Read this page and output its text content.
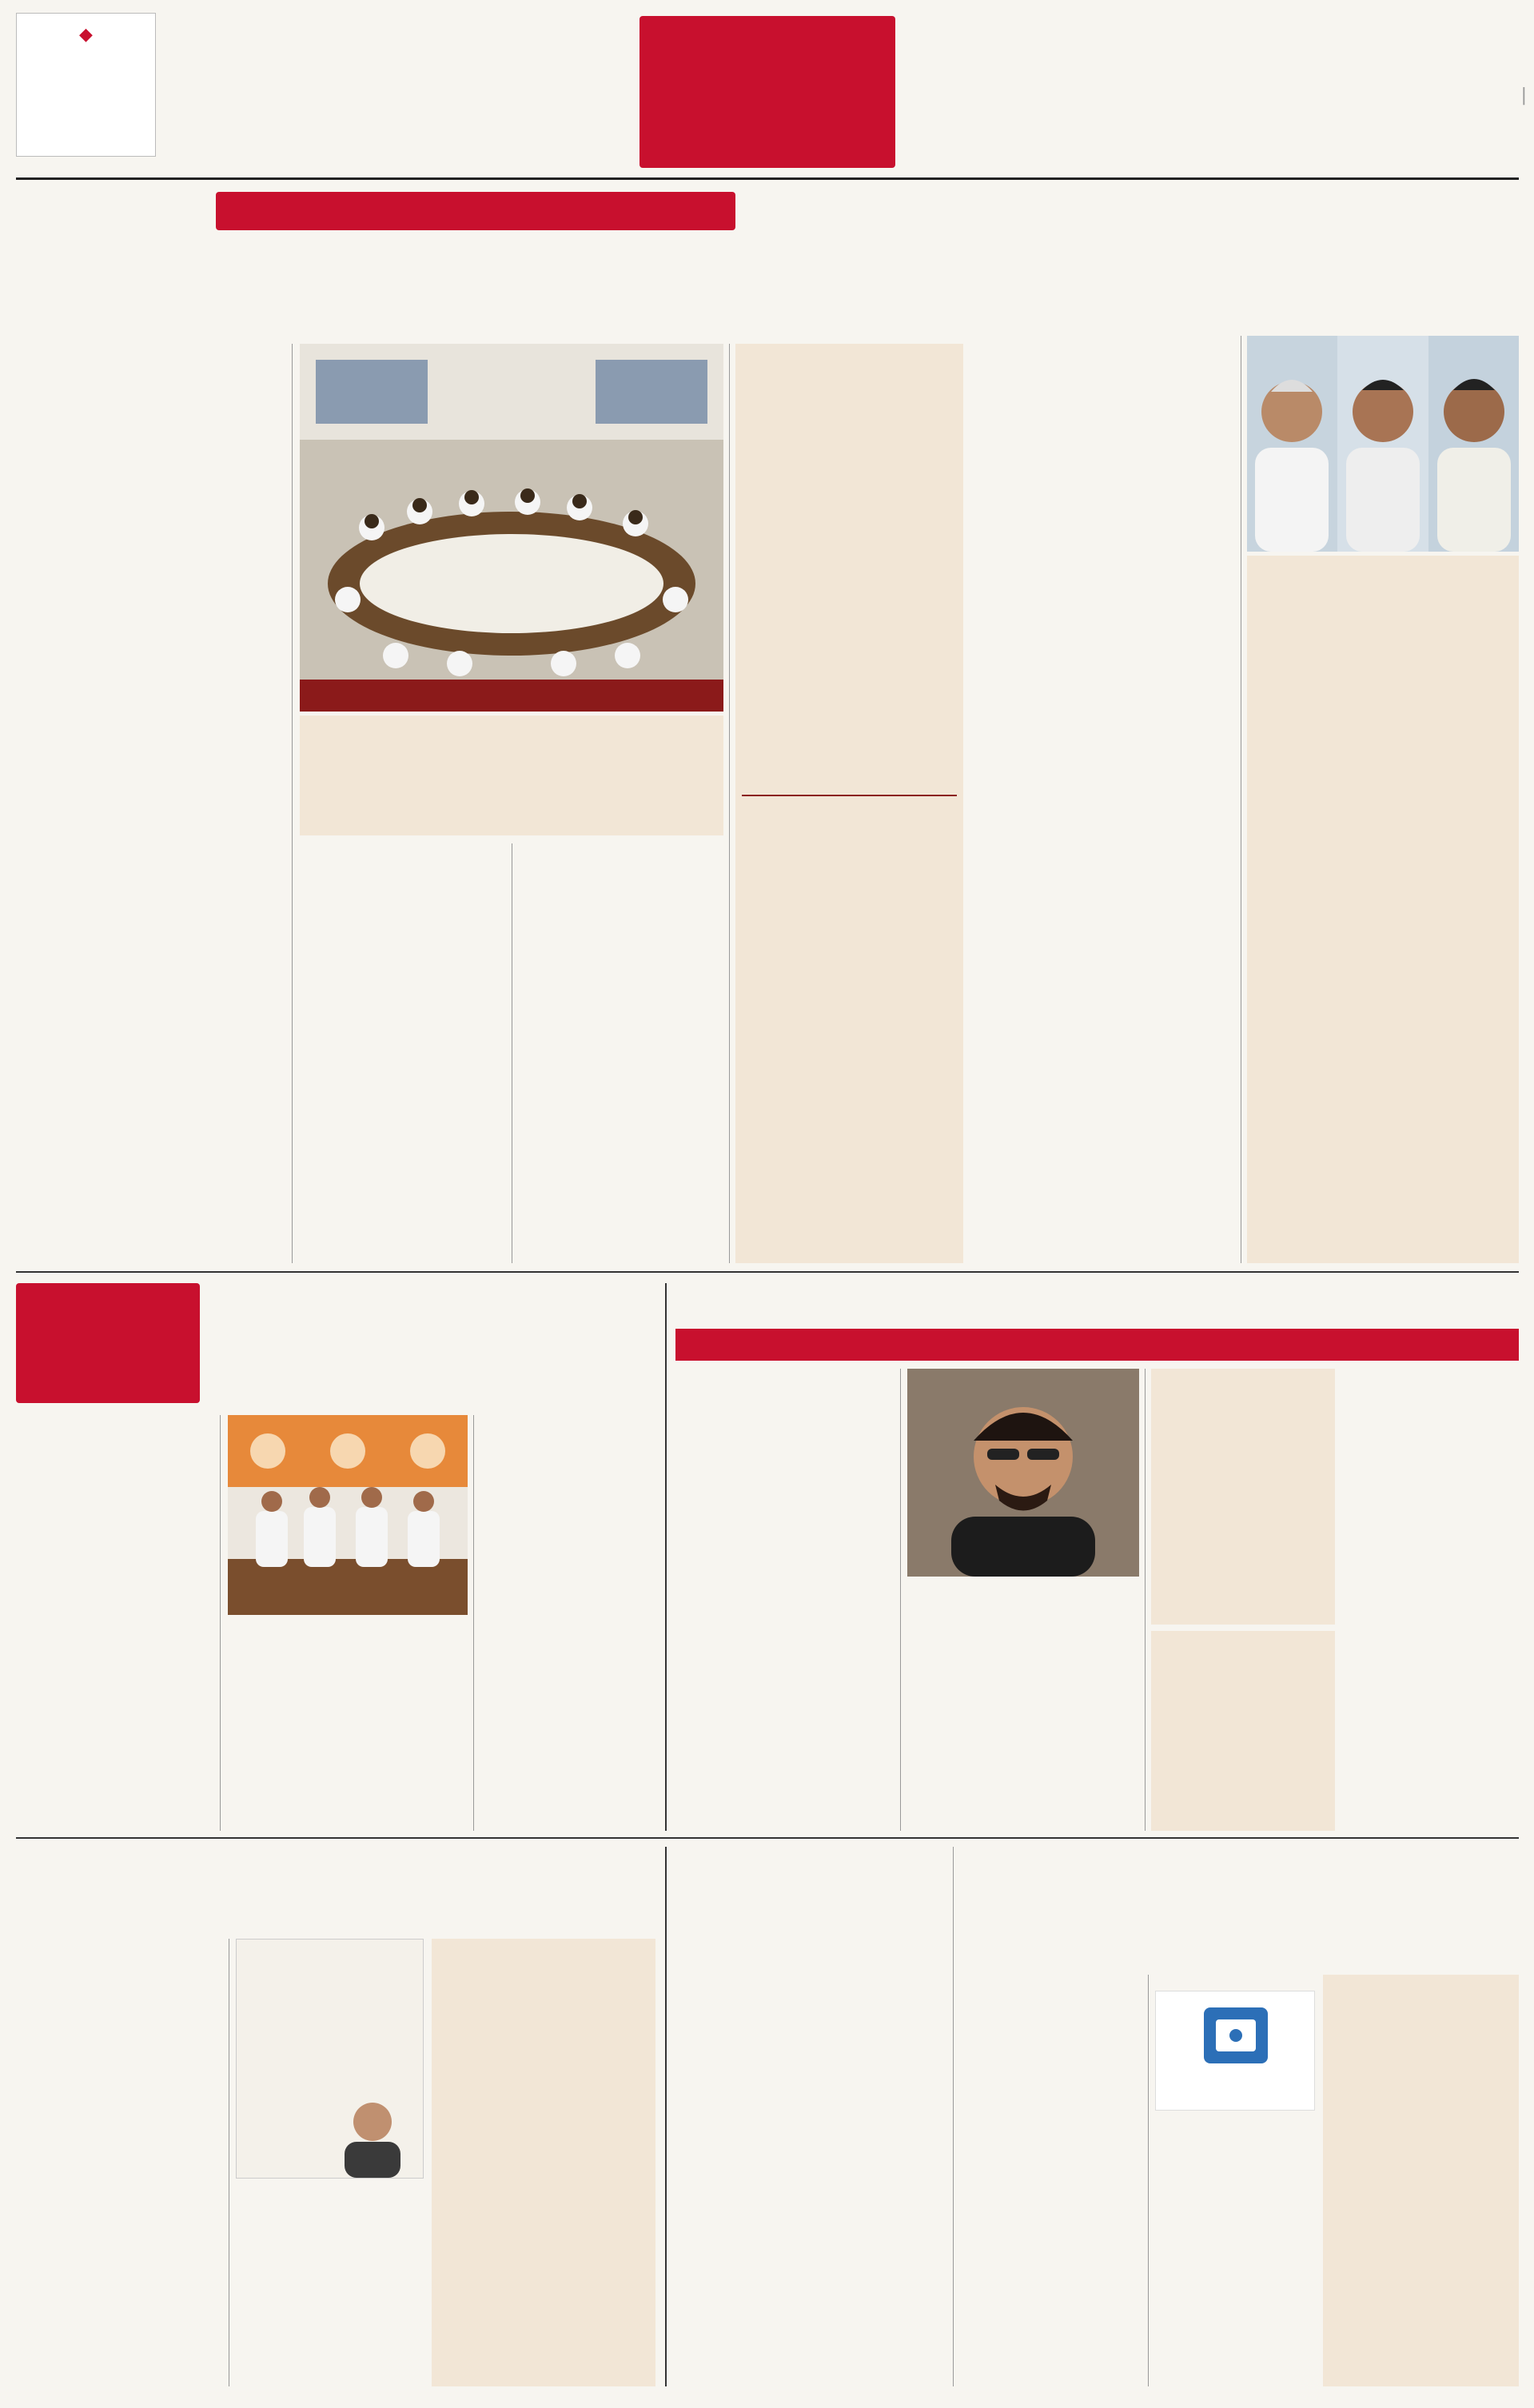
◆
|
